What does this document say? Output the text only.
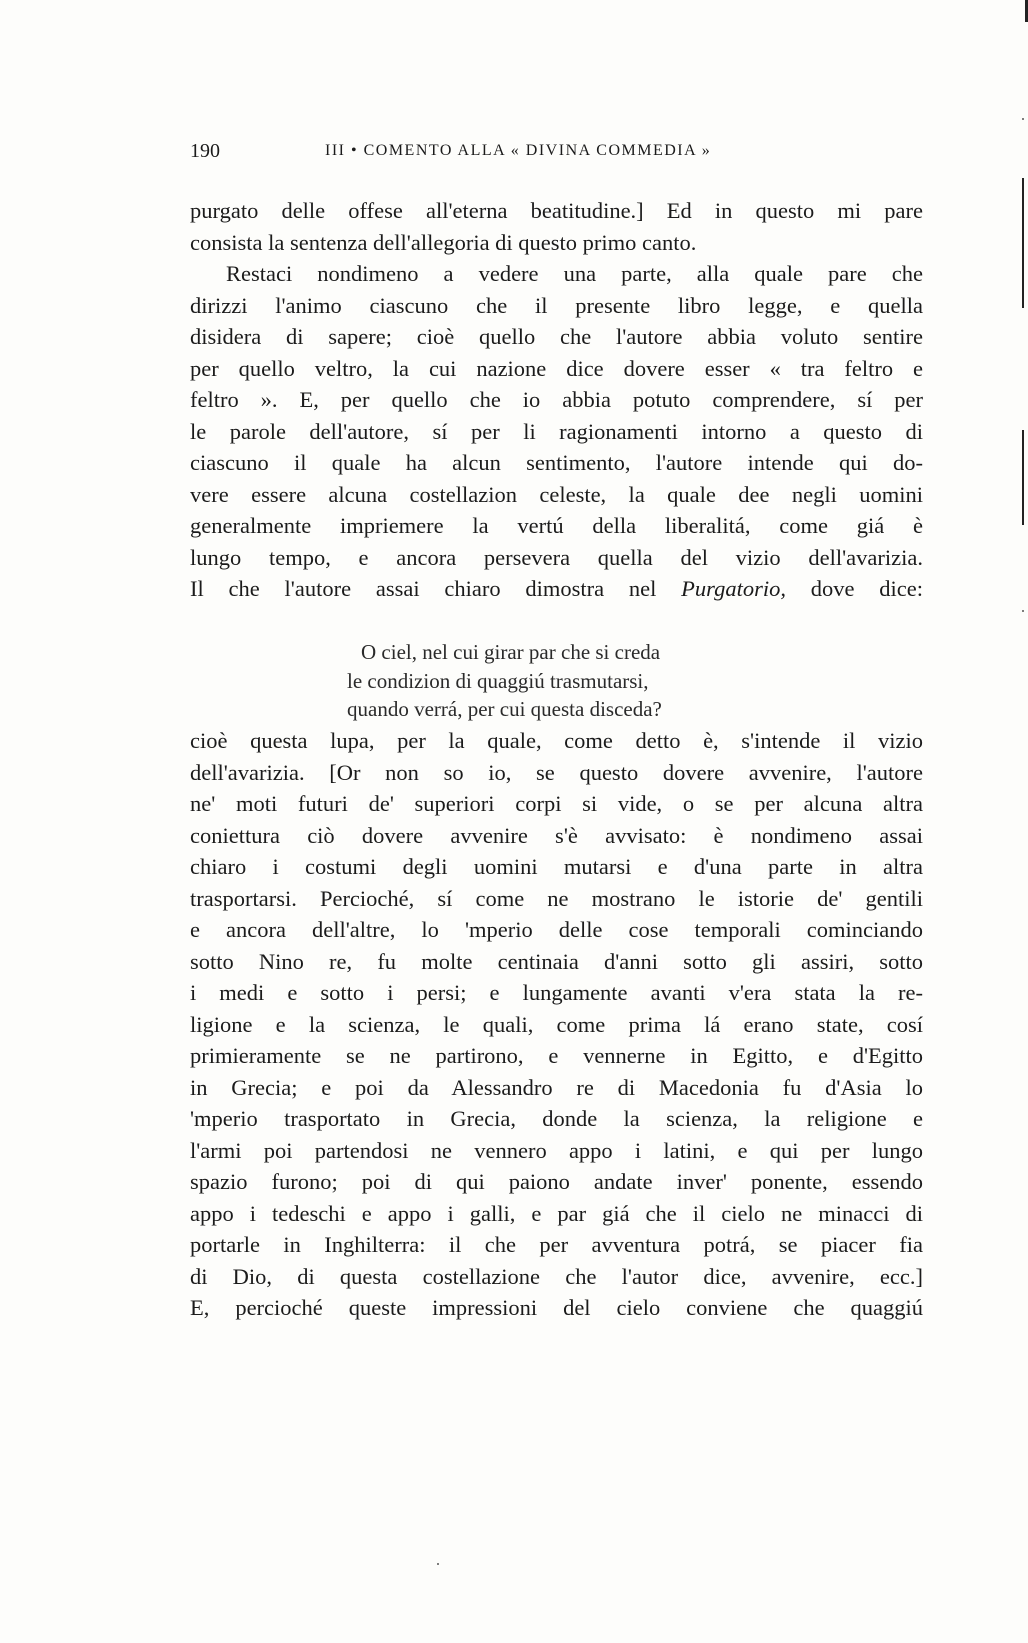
190	III • COMENTO ALLA « DIVINA COMMEDIA »
purgato delle offese all'eterna beatitudine.] Ed in questo mi pare
consista la sentenza dell'allegoria di questo primo canto.
Restaci nondimeno a vedere una parte, alla quale pare che
dirizzi l'animo ciascuno che il presente libro legge, e quella
disidera di sapere; cioè quello che l'autore abbia voluto sentire
per quello veltro, la cui nazione dice dovere esser « tra feltro e
feltro ». E, per quello che io abbia potuto comprendere, sí per
le parole dell'autore, sí per li ragionamenti intorno a questo di
ciascuno il quale ha alcun sentimento, l'autore intende qui do-
vere essere alcuna costellazion celeste, la quale dee negli uomini
generalmente impriemere la vertú della liberalitá, come giá è
lungo tempo, e ancora persevera quella del vizio dell'avarizia.
Il che l'autore assai chiaro dimostra nel Purgatorio, dove dice:
O ciel, nel cui girar par che si creda
le condizion di quaggiú trasmutarsi,
quando verrá, per cui questa disceda?
cioè questa lupa, per la quale, come detto è, s'intende il vizio
dell'avarizia. [Or non so io, se questo dovere avvenire, l'autore
ne' moti futuri de' superiori corpi si vide, o se per alcuna altra
coniettura ciò dovere avvenire s'è avvisato: è nondimeno assai
chiaro i costumi degli uomini mutarsi e d'una parte in altra
trasportarsi. Percioché, sí come ne mostrano le istorie de' gentili
e ancora dell'altre, lo 'mperio delle cose temporali cominciando
sotto Nino re, fu molte centinaia d'anni sotto gli assiri, sotto
i medi e sotto i persi; e lungamente avanti v'era stata la re-
ligione e la scienza, le quali, come prima lá erano state, cosí
primieramente se ne partirono, e vennerne in Egitto, e d'Egitto
in Grecia; e poi da Alessandro re di Macedonia fu d'Asia lo
'mperio trasportato in Grecia, donde la scienza, la religione e
l'armi poi partendosi ne vennero appo i latini, e qui per lungo
spazio furono; poi di qui paiono andate inver' ponente, essendo
appo i tedeschi e appo i galli, e par giá che il cielo ne minacci di
portarle in Inghilterra: il che per avventura potrá, se piacer fia
di Dio, di questa costellazione che l'autor dice, avvenire, ecc.]
E, percioché queste impressioni del cielo conviene che quaggiú
